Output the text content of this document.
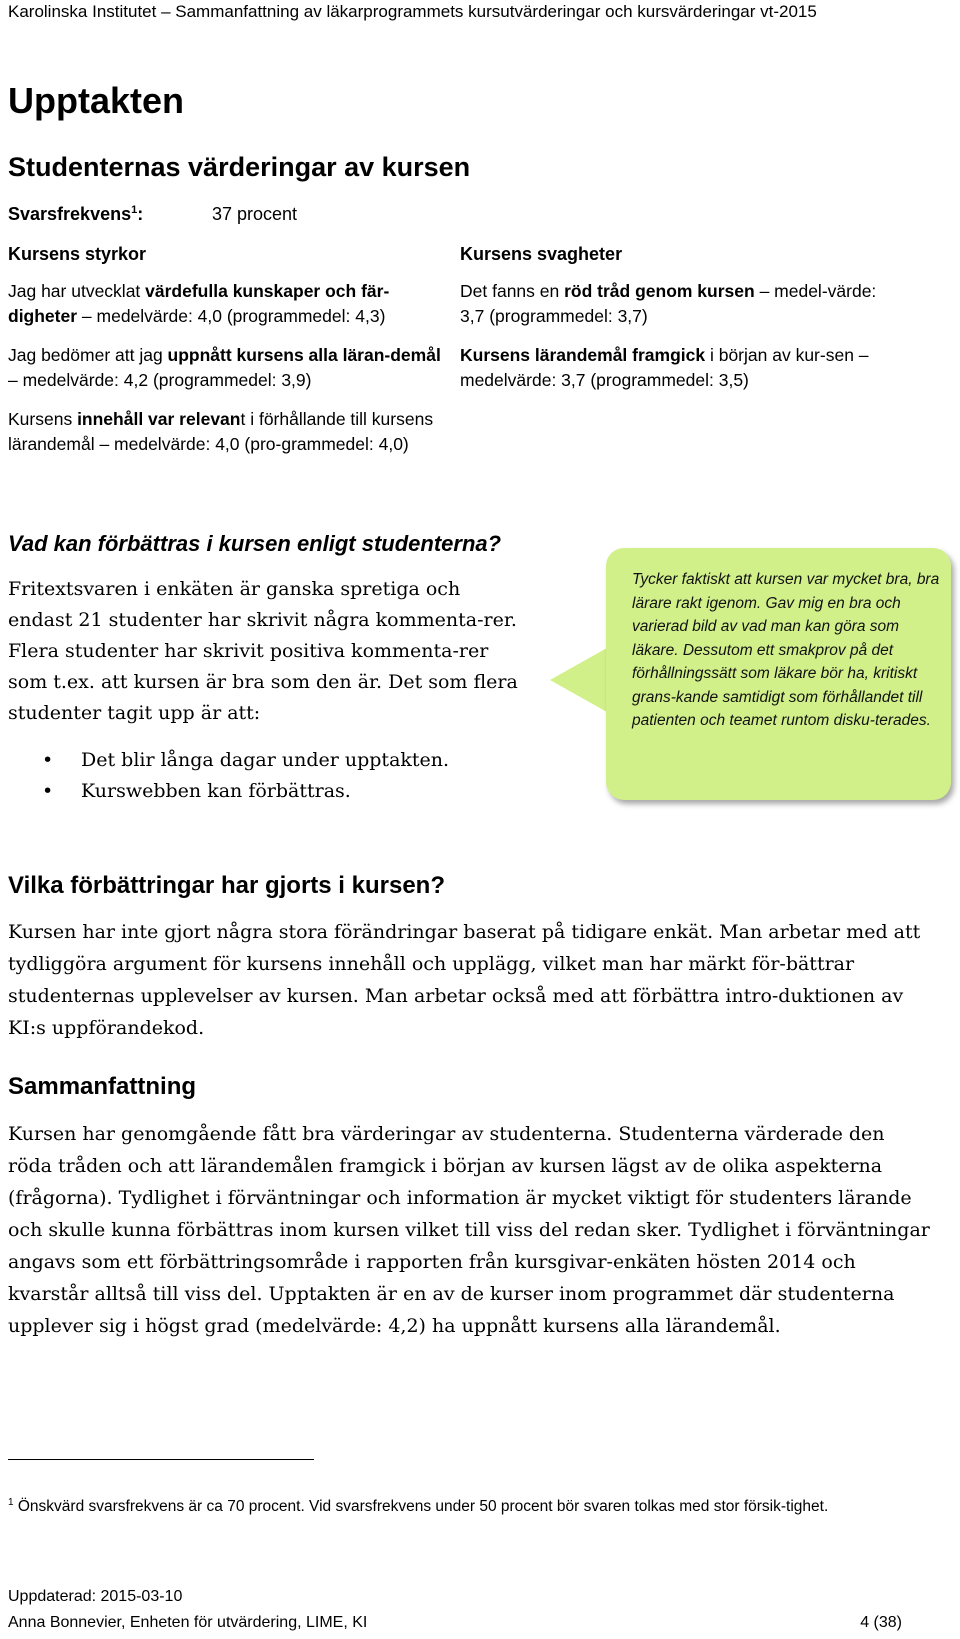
Karolinska Institutet – Sammanfattning av läkarprogrammets kursutvärderingar och kursvärderingar vt-2015
Upptakten
Studenternas värderingar av kursen
Svarsfrekvens$^1$:	37 procent
Kursens styrkor

Jag har utvecklat värdefulla kunskaper och fär-digheter – medelvärde: 4,0 (programmedel: 4,3)

Jag bedömer att jag uppnått kursens alla läran-demål – medelvärde: 4,2 (programmedel: 3,9)

Kursens innehåll var relevant i förhållande till kursens lärandemål – medelvärde: 4,0 (pro-grammedel: 4,0)

Kursens svagheter

Det fanns en röd tråd genom kursen – medel-värde: 3,7 (programmedel: 3,7)

Kursens lärandemål framgick i början av kur-sen – medelvärde: 3,7 (programmedel: 3,5)

Vad kan förbättras i kursen enligt studenterna?

Fritextsvaren i enkäten är ganska spretiga och endast 21 studenter har skrivit några kommenta-rer. Flera studenter har skrivit positiva kommenta-rer som t.ex. att kursen är bra som den är. Det som flera studenter tagit upp är att:

• Det blir långa dagar under upptakten.
• Kurswebben kan förbättras.
Tycker faktiskt att kursen var mycket bra, bra lärare rakt igenom. Gav mig en bra och varierad bild av vad man kan göra som läkare. Dessutom ett smakprov på det förhållningssätt som läkare bör ha, kritiskt grans-kande samtidigt som förhållandet till patienten och teamet runtom disku-terades.
Vilka förbättringar har gjorts i kursen?
Kursen har inte gjort några stora förändringar baserat på tidigare enkät. Man arbetar med att tydliggöra argument för kursens innehåll och upplägg, vilket man har märkt för-bättrar studenternas upplevelser av kursen. Man arbetar också med att förbättra intro-duktionen av KI:s uppförandekod.
Sammanfattning
Kursen har genomgående fått bra värderingar av studenterna. Studenterna värderade den röda tråden och att lärandemålen framgick i början av kursen lägst av de olika aspekterna (frågorna). Tydlighet i förväntningar och information är mycket viktigt för studenters lärande och skulle kunna förbättras inom kursen vilket till viss del redan sker. Tydlighet i förväntningar angavs som ett förbättringsområde i rapporten från kursgivar-enkäten hösten 2014 och kvarstår alltså till viss del. Upptakten är en av de kurser inom programmet där studenterna upplever sig i högst grad (medelvärde: 4,2) ha uppnått kursens alla lärandemål.
$^1$ Önskvärd svarsfrekvens är ca 70 procent. Vid svarsfrekvens under 50 procent bör svaren tolkas med stor försik-tighet.
Uppdaterad: 2015-03-10
Anna Bonnevier, Enheten för utvärdering, LIME, KI	4 (38)
